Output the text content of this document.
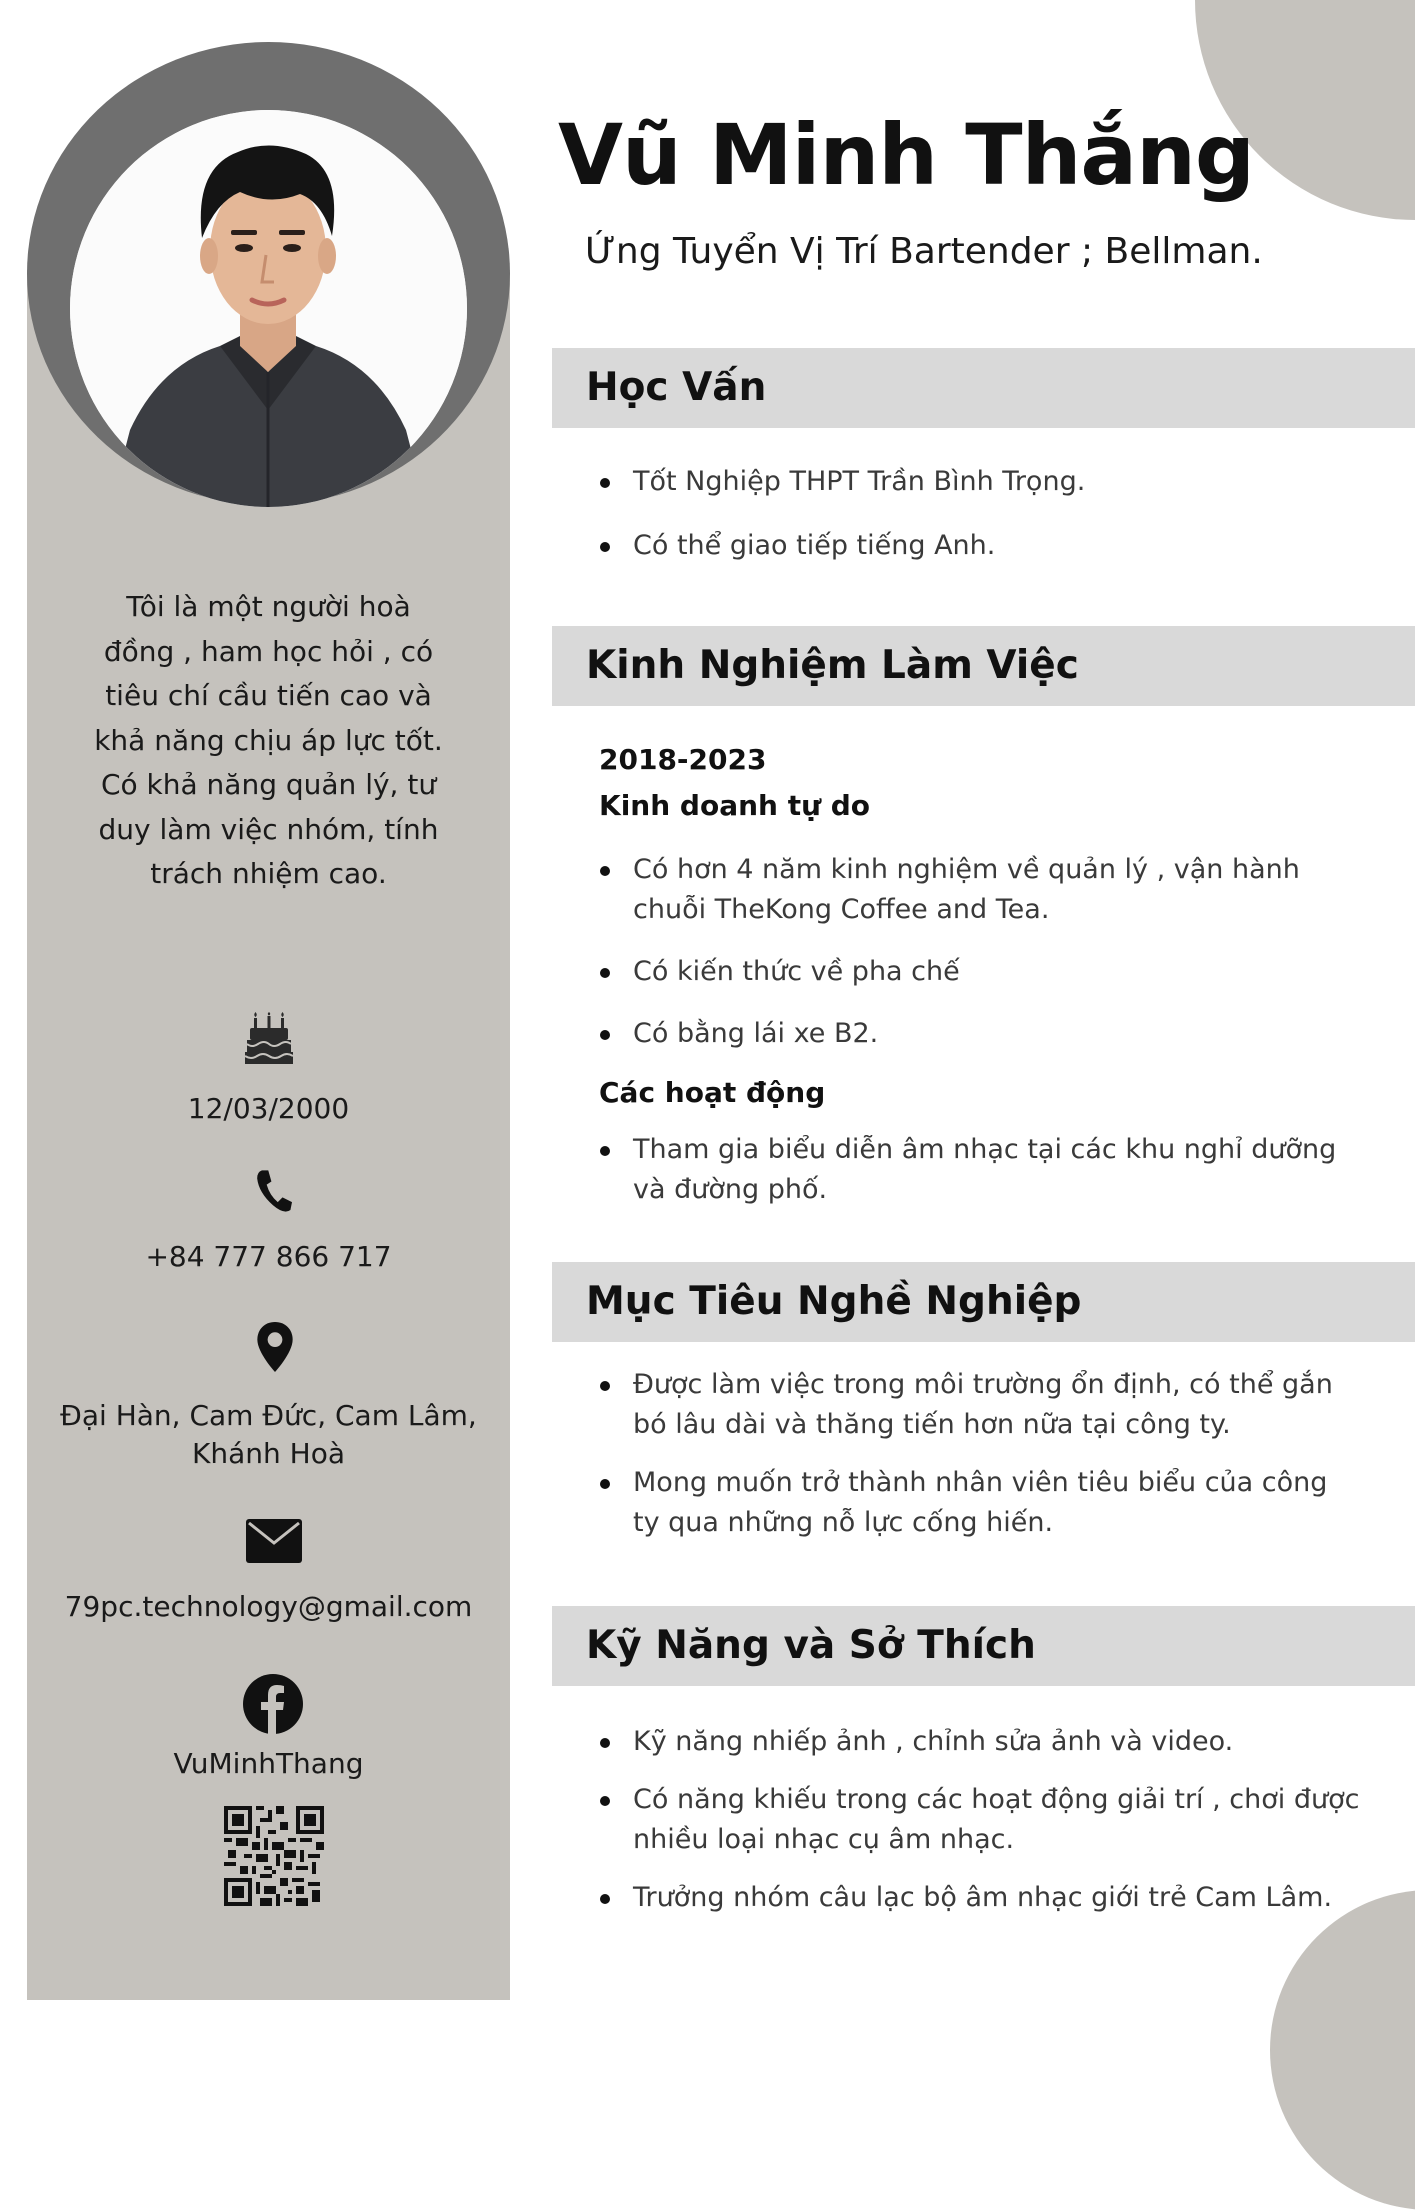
Tôi là một người hoà
đồng , ham học hỏi , có
tiêu chí cầu tiến cao và
khả năng chịu áp lực tốt.
Có khả năng quản lý, tư
duy làm việc nhóm, tính
trách nhiệm cao.
12/03/2000
+84 777 866 717
Đại Hàn, Cam Đức, Cam Lâm,
Khánh Hoà
79pc.technology@gmail.com
VuMinhThang
Vũ Minh Thắng
Ứng Tuyển Vị Trí Bartender ; Bellman.
Học Vấn
Tốt Nghiệp THPT Trần Bình Trọng.
Có thể giao tiếp tiếng Anh.
Kinh Nghiệm Làm Việc
2018-2023
Kinh doanh tự do
Có hơn 4 năm kinh nghiệm về quản lý , vận hành chuỗi TheKong Coffee and Tea.
Có kiến thức về pha chế
Có bằng lái xe B2.
Các hoạt động
Tham gia biểu diễn âm nhạc tại các khu nghỉ dưỡng và đường phố.
Mục Tiêu Nghề Nghiệp
Được làm việc trong môi trường ổn định, có thể gắn bó lâu dài và thăng tiến hơn nữa tại công ty.
Mong muốn trở thành nhân viên tiêu biểu của công ty qua những nỗ lực cống hiến.
Kỹ Năng và Sở Thích
Kỹ năng nhiếp ảnh , chỉnh sửa ảnh và video.
Có năng khiếu trong các hoạt động giải trí , chơi được nhiều loại nhạc cụ âm nhạc.
Trưởng nhóm câu lạc bộ âm nhạc giới trẻ Cam Lâm.
